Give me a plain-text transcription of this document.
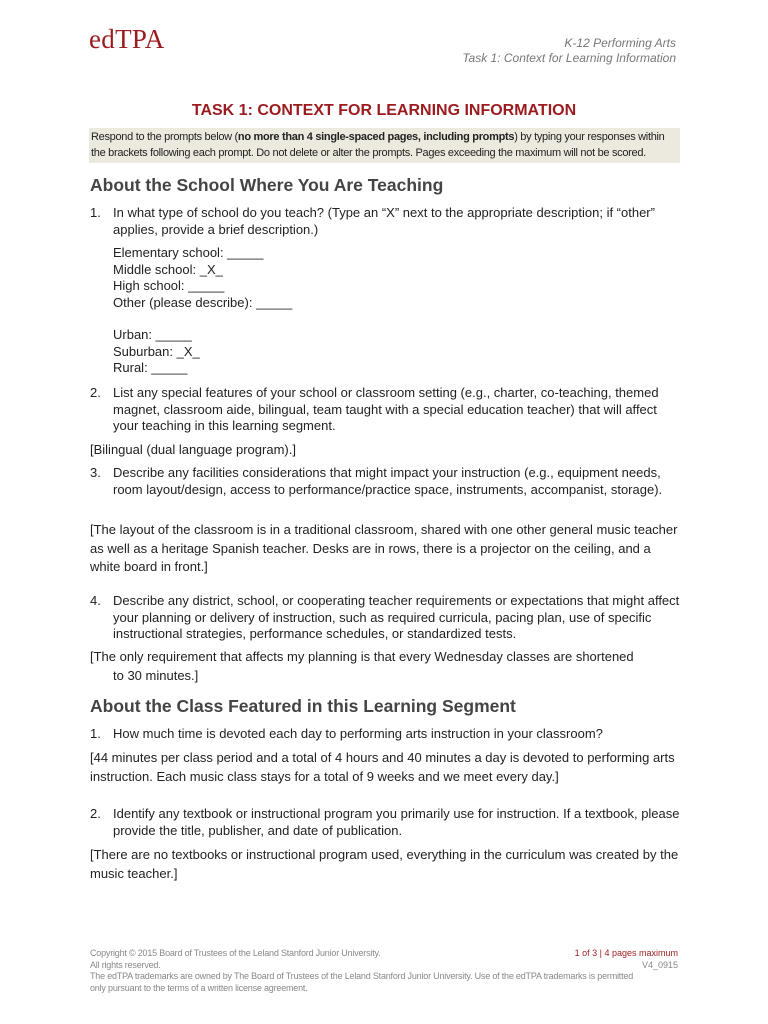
edTPA	K-12 Performing Arts
Task 1: Context for Learning Information
TASK 1: CONTEXT FOR LEARNING INFORMATION
Respond to the prompts below (no more than 4 single-spaced pages, including prompts) by typing your responses within the brackets following each prompt. Do not delete or alter the prompts. Pages exceeding the maximum will not be scored.
About the School Where You Are Teaching
1. In what type of school do you teach? (Type an “X” next to the appropriate description; if “other” applies, provide a brief description.)
Elementary school: _____
Middle school: _X_
High school: _____
Other (please describe): _____
Urban: _____
Suburban: _X_
Rural: _____
2. List any special features of your school or classroom setting (e.g., charter, co-teaching, themed magnet, classroom aide, bilingual, team taught with a special education teacher) that will affect your teaching in this learning segment.
[Bilingual (dual language program).]
3. Describe any facilities considerations that might impact your instruction (e.g., equipment needs, room layout/design, access to performance/practice space, instruments, accompanist, storage).
[The layout of the classroom is in a traditional classroom, shared with one other general music teacher as well as a heritage Spanish teacher. Desks are in rows, there is a projector on the ceiling, and a white board in front.]
4. Describe any district, school, or cooperating teacher requirements or expectations that might affect your planning or delivery of instruction, such as required curricula, pacing plan, use of specific instructional strategies, performance schedules, or standardized tests.
[The only requirement that affects my planning is that every Wednesday classes are shortened
to 30 minutes.]
About the Class Featured in this Learning Segment
1. How much time is devoted each day to performing arts instruction in your classroom?
[44 minutes per class period and a total of 4 hours and 40 minutes a day is devoted to performing arts instruction. Each music class stays for a total of 9 weeks and we meet every day.]
2. Identify any textbook or instructional program you primarily use for instruction. If a textbook, please provide the title, publisher, and date of publication.
[There are no textbooks or instructional program used, everything in the curriculum was created by the music teacher.]
Copyright © 2015 Board of Trustees of the Leland Stanford Junior University.
All rights reserved.
The edTPA trademarks are owned by The Board of Trustees of the Leland Stanford Junior University. Use of the edTPA trademarks is permitted only pursuant to the terms of a written license agreement.
1 of 3 | 4 pages maximum
V4_0915
